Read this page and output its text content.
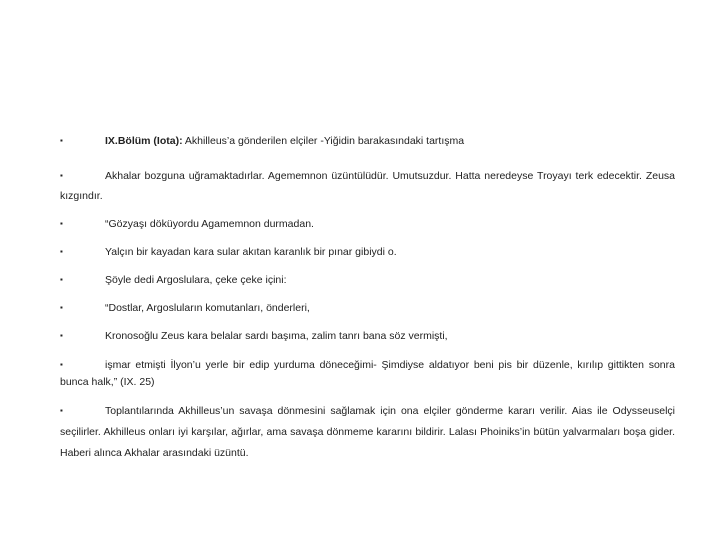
▪	IX.Bölüm (Iota): Akhilleus’a gönderilen elçiler -Yiğidin barakasındaki tartışma
▪	Akhalar bozguna uğramaktadırlar. Agememnon üzüntülüdür. Umutsuzdur. Hatta neredeyse Troyayı terk edecektir. Zeusa kızgındır.
▪	“Gözyaşı döküyordu Agamemnon durmadan.
▪	Yalçın bir kayadan kara sular akıtan karanlık bir pınar gibiydi o.
▪	Şöyle dedi Argoslulara, çeke çeke içini:
▪	“Dostlar, Argosluların komutanları, önderleri,
▪	Kronosoğlu Zeus kara belalar sardı başıma, zalim tanrı bana söz vermişti,
▪	işmar etmişti İlyon’u yerle bir edip yurduma döneceğimi- Şimdiyse aldatıyor beni pis bir düzenle, kırılıp gittikten sonra bunca halk,” (IX. 25)
▪	Toplantılarında Akhilleus’un savaşa dönmesini sağlamak için ona elçiler gönderme kararı verilir. Aias ile Odysseuselçi seçilirler. Akhilleus onları iyi karşılar, ağırlar, ama savaşa dönmeme kararını bildirir. Lalası Phoiniks’in bütün yalvarmaları boşa gider. Haberi alınca Akhalar arasındaki üzüntü.
